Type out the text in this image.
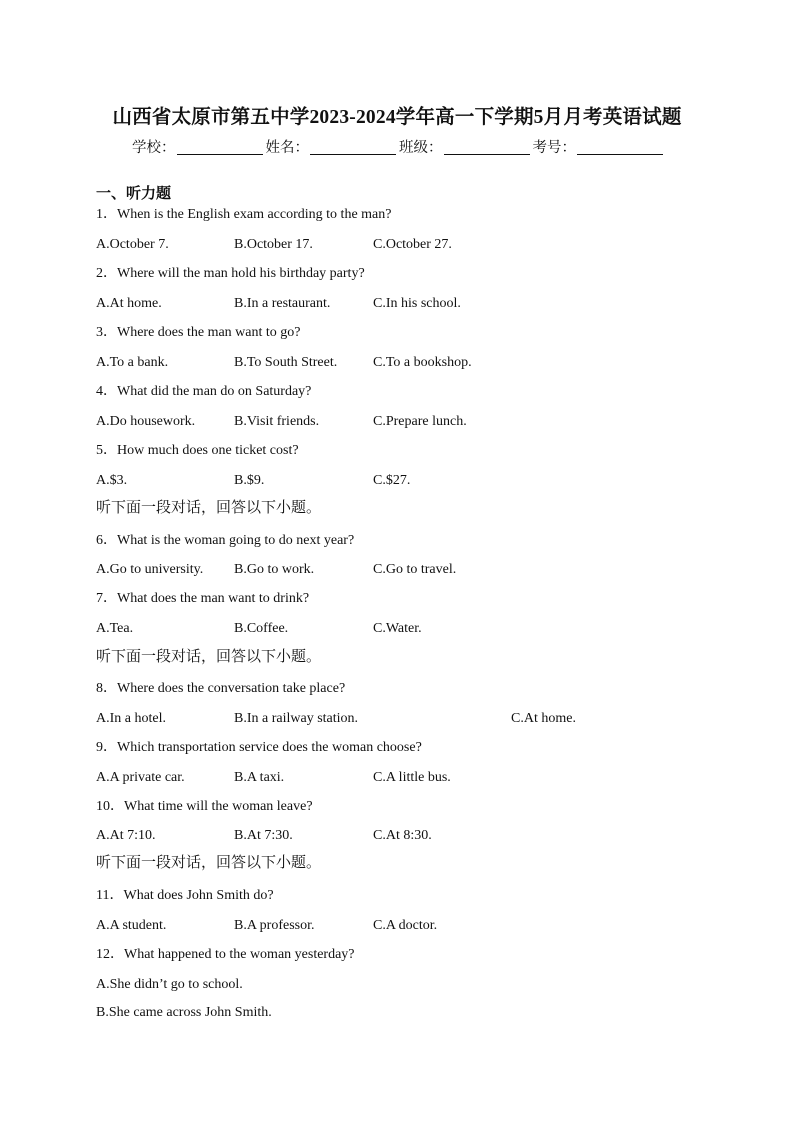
山西省太原市第五中学2023-2024学年高一下学期5月月考英语试题
学校：	姓名：	班级：	考号：
一、听力题
1．When is the English exam according to the man?
A.October 7.	B.October 17.	C.October 27.
2．Where will the man hold his birthday party?
A.At home.	B.In a restaurant.	C.In his school.
3．Where does the man want to go?
A.To a bank.	B.To South Street.	C.To a bookshop.
4．What did the man do on Saturday?
A.Do housework.	B.Visit friends.	C.Prepare lunch.
5．How much does one ticket cost?
A.$3.	B.$9.	C.$27.
听下面一段对话，回答以下小题。
6．What is the woman going to do next year?
A.Go to university. B.Go to work.	C.Go to travel.
7．What does the man want to drink?
A.Tea.	B.Coffee.	C.Water.
听下面一段对话，回答以下小题。
8．Where does the conversation take place?
A.In a hotel.	B.In a railway station.	C.At home.
9．Which transportation service does the woman choose?
A.A private car.	B.A taxi.	C.A little bus.
10．What time will the woman leave?
A.At 7:10.	B.At 7:30.	C.At 8:30.
听下面一段对话，回答以下小题。
11．What does John Smith do?
A.A student.	B.A professor.	C.A doctor.
12．What happened to the woman yesterday?
A.She didn’t go to school.
B.She came across John Smith.
